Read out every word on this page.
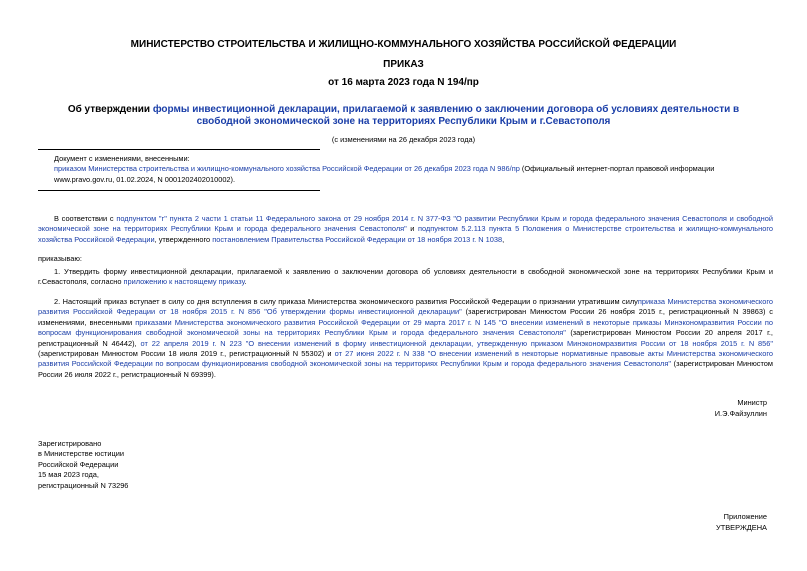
МИНИСТЕРСТВО СТРОИТЕЛЬСТВА И ЖИЛИЩНО-КОММУНАЛЬНОГО ХОЗЯЙСТВА РОССИЙСКОЙ ФЕДЕРАЦИИ
ПРИКАЗ
от 16 марта 2023 года N 194/пр
Об утверждении формы инвестиционной декларации, прилагаемой к заявлению о заключении договора об условиях деятельности в свободной экономической зоне на территориях Республики Крым и г.Севастополя
(с изменениями на 26 декабря 2023 года)
Документ с изменениями, внесенными:
приказом Министерства строительства и жилищно-коммунального хозяйства Российской Федерации от 26 декабря 2023 года N 986/пр (Официальный интернет-портал правовой информации www.pravo.gov.ru, 01.02.2024, N 0001202402010002).
В соответствии с подпунктом "г" пункта 2 части 1 статьи 11 Федерального закона от 29 ноября 2014 г. N 377-ФЗ "О развитии Республики Крым и города федерального значения Севастополя и свободной экономической зоне на территориях Республики Крым и города федерального значения Севастополя" и подпунктом 5.2.113 пункта 5 Положения о Министерстве строительства и жилищно-коммунального хозяйства Российской Федерации, утвержденного постановлением Правительства Российской Федерации от 18 ноября 2013 г. N 1038,
приказываю:
1. Утвердить форму инвестиционной декларации, прилагаемой к заявлению о заключении договора об условиях деятельности в свободной экономической зоне на территориях Республики Крым и г.Севастополя, согласно приложению к настоящему приказу.
2. Настоящий приказ вступает в силу со дня вступления в силу приказа Министерства экономического развития Российской Федерации о признании утратившим силуприказа Министерства экономического развития Российской Федерации от 18 ноября 2015 г. N 856 "Об утверждении формы инвестиционной декларации" (зарегистрирован Минюстом России 26 ноября 2015 г., регистрационный N 39863) с изменениями, внесенными приказами Министерства экономического развития Российской Федерации от 29 марта 2017 г. N 145 "О внесении изменений в некоторые приказы Минэкономразвития России по вопросам функционирования свободной экономической зоны на территориях Республики Крым и города федерального значения Севастополя" (зарегистрирован Минюстом России 20 апреля 2017 г., регистрационный N 46442), от 22 апреля 2019 г. N 223 "О внесении изменений в форму инвестиционной декларации, утвержденную приказом Минэкономразвития России от 18 ноября 2015 г. N 856" (зарегистрирован Минюстом России 18 июля 2019 г., регистрационный N 55302) и от 27 июня 2022 г. N 338 "О внесении изменений в некоторые нормативные правовые акты Министерства экономического развития Российской Федерации по вопросам функционирования свободной экономической зоны на территориях Республики Крым и города федерального значения Севастополя" (зарегистрирован Минюстом России 26 июля 2022 г., регистрационный N 69399).
Министр
И.Э.Файзуллин
Зарегистрировано
в Министерстве юстиции
Российской Федерации
15 мая 2023 года,
регистрационный N 73296
Приложение
УТВЕРЖДЕНА
